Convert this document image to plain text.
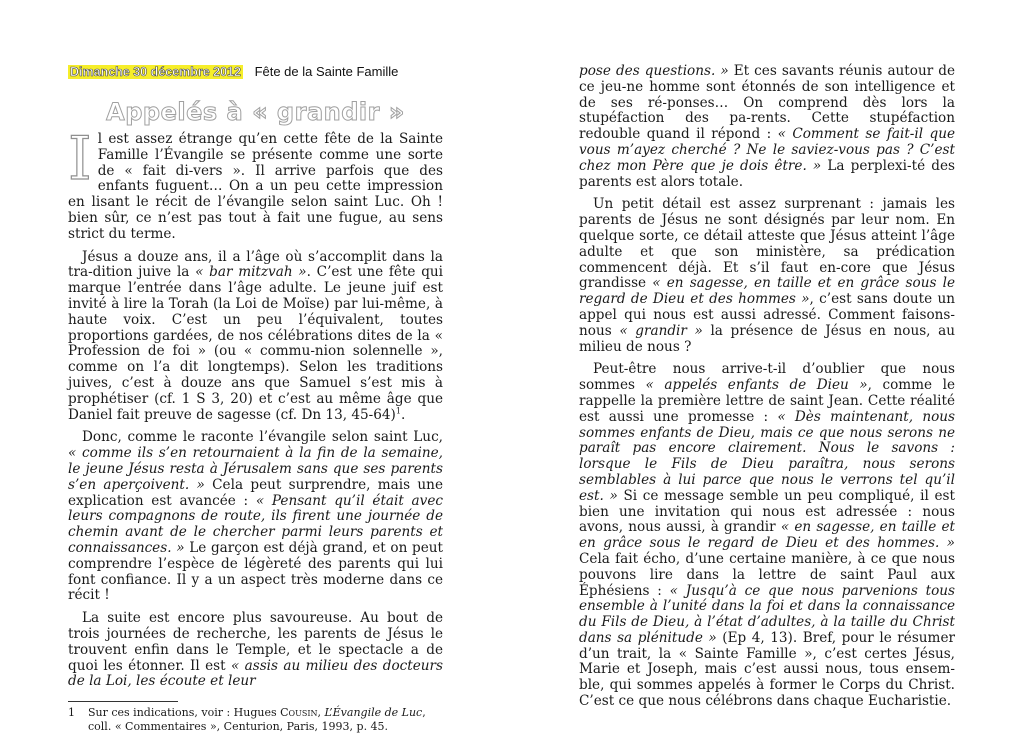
Dimanche 30 décembre 2012 Fête de la Sainte Famille
Appelés à « grandir »

I l est assez étrange qu’en cette fête de la Sainte Famille l’Évangile se présente comme une sorte de « fait di-vers ». Il arrive parfois que des enfants fuguent… On a un peu cette impression en lisant le récit de l’évangile selon saint Luc. Oh ! bien sûr, ce n’est pas tout à fait une fugue, au sens strict du terme.

Jésus a douze ans, il a l’âge où s’accomplit dans la tra-dition juive la « bar mitzvah ». C’est une fête qui marque l’entrée dans l’âge adulte. Le jeune juif est invité à lire la Torah (la Loi de Moïse) par lui-même, à haute voix. C’est un peu l’équivalent, toutes proportions gardées, de nos célébrations dites de la « Profession de foi » (ou « commu-nion solennelle », comme on l’a dit longtemps). Selon les traditions juives, c’est à douze ans que Samuel s’est mis à prophétiser (cf. 1 S 3, 20) et c’est au même âge que Daniel fait preuve de sagesse (cf. Dn 13, 45-64)$^1$.

Donc, comme le raconte l’évangile selon saint Luc, « comme ils s’en retournaient à la fin de la semaine, le jeune Jésus resta à Jérusalem sans que ses parents s’en aperçoivent. » Cela peut surprendre, mais une explication est avancée : « Pensant qu’il était avec leurs compagnons de route, ils firent une journée de chemin avant de le chercher parmi leurs parents et connaissances. » Le garçon est déjà grand, et on peut comprendre l’espèce de légèreté des parents qui lui font confiance. Il y a un aspect très moderne dans ce récit !

La suite est encore plus savoureuse. Au bout de trois journées de recherche, les parents de Jésus le trouvent enfin dans le Temple, et le spectacle a de quoi les étonner. Il est « assis au milieu des docteurs de la Loi, les écoute et leur

1 Sur ces indications, voir : Hugues Cousin, L’Évangile de Luc, coll. « Commentaires », Centurion, Paris, 1993, p. 45.

pose des questions. » Et ces savants réunis autour de ce jeu-ne homme sont étonnés de son intelligence et de ses ré-ponses… On comprend dès lors la stupéfaction des pa-rents. Cette stupéfaction redouble quand il répond : « Comment se fait-il que vous m’ayez cherché ? Ne le saviez-vous pas ? C’est chez mon Père que je dois être. » La perplexi-té des parents est alors totale.

Un petit détail est assez surprenant : jamais les parents de Jésus ne sont désignés par leur nom. En quelque sorte, ce détail atteste que Jésus atteint l’âge adulte et que son ministère, sa prédication commencent déjà. Et s’il faut en-core que Jésus grandisse « en sagesse, en taille et en grâce sous le regard de Dieu et des hommes », c’est sans doute un appel qui nous est aussi adressé. Comment faisons-nous « grandir » la présence de Jésus en nous, au milieu de nous ?

Peut-être nous arrive-t-il d’oublier que nous sommes « appelés enfants de Dieu », comme le rappelle la première lettre de saint Jean. Cette réalité est aussi une promesse : « Dès maintenant, nous sommes enfants de Dieu, mais ce que nous serons ne paraît pas encore clairement. Nous le savons : lorsque le Fils de Dieu paraîtra, nous serons semblables à lui parce que nous le verrons tel qu’il est. » Si ce message semble un peu compliqué, il est bien une invitation qui nous est adressée : nous avons, nous aussi, à grandir « en sagesse, en taille et en grâce sous le regard de Dieu et des hommes. » Cela fait écho, d’une certaine manière, à ce que nous pouvons lire dans la lettre de saint Paul aux Éphésiens : « Jusqu’à ce que nous parvenions tous ensemble à l’unité dans la foi et dans la connaissance du Fils de Dieu, à l’état d’adultes, à la taille du Christ dans sa plénitude » (Ep 4, 13). Bref, pour le résumer d’un trait, la « Sainte Famille », c’est certes Jésus, Marie et Joseph, mais c’est aussi nous, tous ensem-ble, qui sommes appelés à former le Corps du Christ. C’est ce que nous célébrons dans chaque Eucharistie.
